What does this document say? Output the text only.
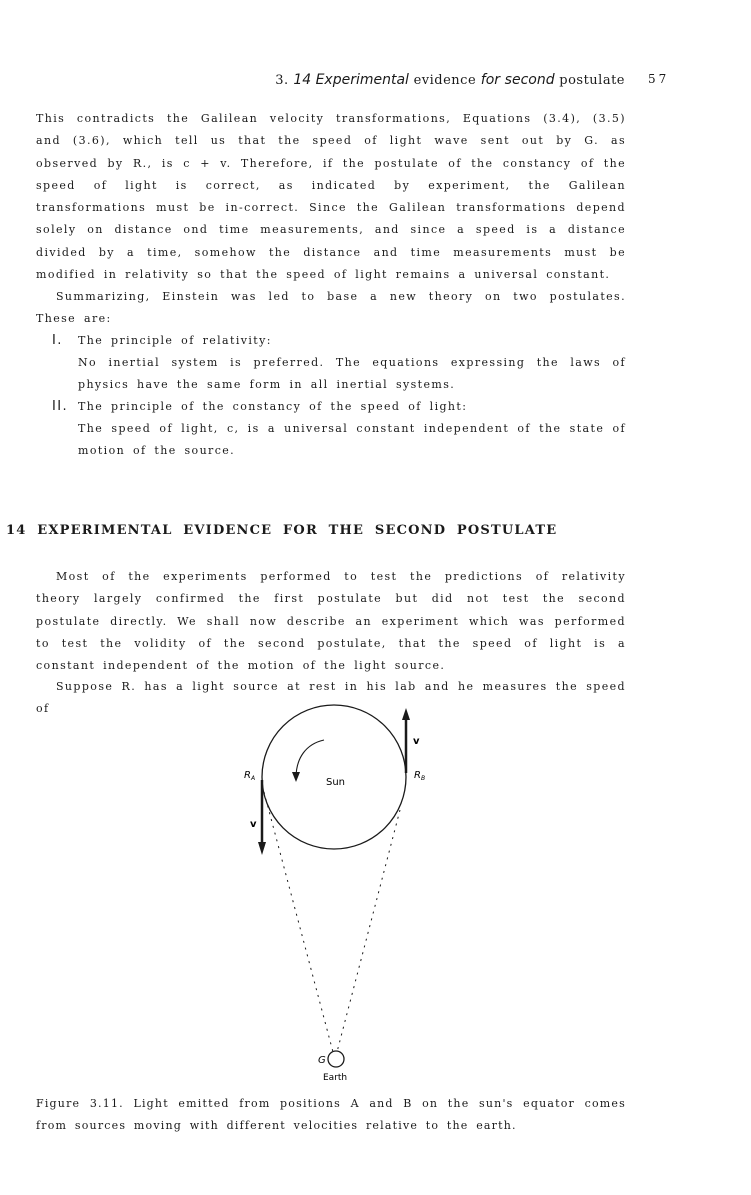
3. 14 Experimental evidence for second postulate 57

This contradicts the Galilean velocity transformations, Equations (3.4), (3.5) and (3.6), which tell us that the speed of light wave sent out by G. as observed by R., is c + v. Therefore, if the postulate of the constancy of the speed of light is correct, as indicated by experiment, the Galilean transformations must be in-correct. Since the Galilean transformations depend solely on distance ond time measurements, and since a speed is a distance divided by a time, somehow the distance and time measurements must be modified in relativity so that the speed of light remains a universal constant.

Summarizing, Einstein was led to base a new theory on two postulates. These are:

I. The principle of relativity:
No inertial system is preferred. The equations expressing the laws of physics have the same form in all inertial systems.
II. The principle of the constancy of the speed of light:
The speed of light, c, is a universal constant independent of the state of motion of the source.
14 EXPERIMENTAL EVIDENCE FOR THE SECOND POSTULATE

Most of the experiments performed to test the predictions of relativity theory largely confirmed the first postulate but did not test the second postulate directly. We shall now describe an experiment which was performed to test the volidity of the second postulate, that the speed of light is a constant independent of the motion of the light source.

Suppose R. has a light source at rest in his lab and he measures the speed of

Sun
v
v
$R_A$	$R_B$
G
Earth

Figure 3.11. Light emitted from positions A and B on the sun's equator comes from sources moving with different velocities relative to the earth.
